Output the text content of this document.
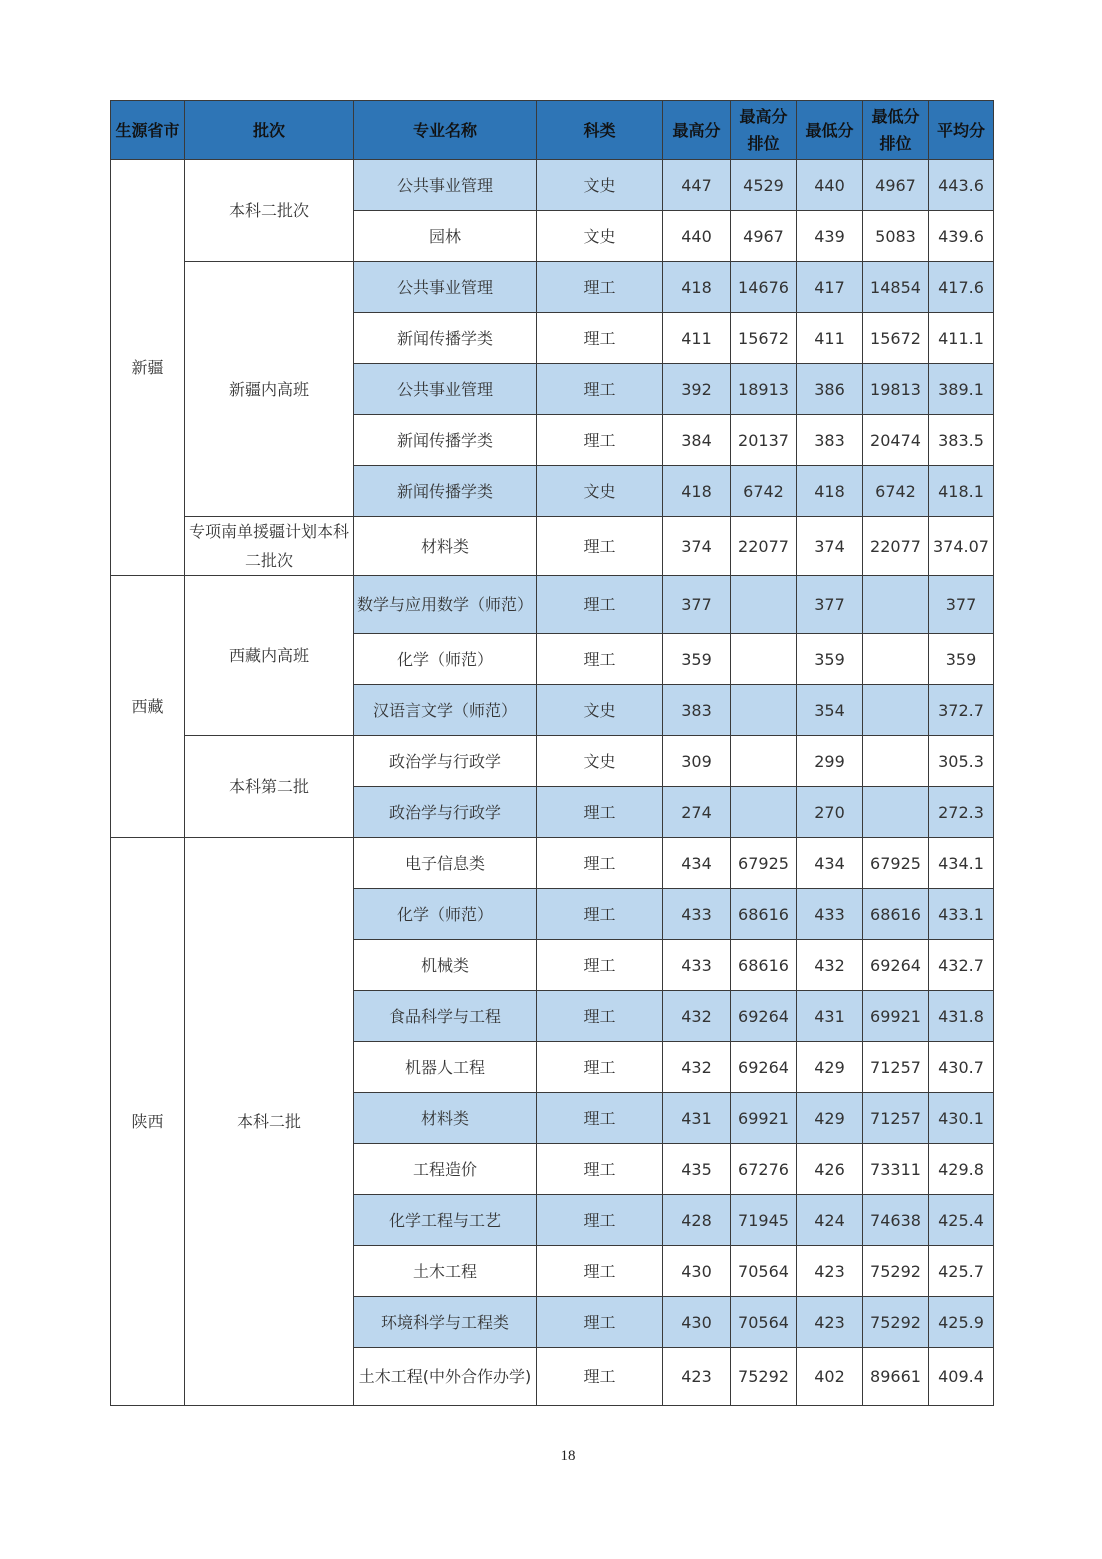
生源省市	批次	专业名称	科类	最高分	最高分排位	最低分	最低分排位	平均分
新疆	本科二批次	公共事业管理	文史	447	4529	440	4967	443.6
		园林	文史	440	4967	439	5083	439.6
	新疆内高班	公共事业管理	理工	418	14676	417	14854	417.6
		新闻传播学类	理工	411	15672	411	15672	411.1
		公共事业管理	理工	392	18913	386	19813	389.1
		新闻传播学类	理工	384	20137	383	20474	383.5
		新闻传播学类	文史	418	6742	418	6742	418.1
	专项南单援疆计划本科二批次	材料类	理工	374	22077	374	22077	374.07
西藏	西藏内高班	数学与应用数学（师范）	理工	377		377		377
		化学（师范）	理工	359		359		359
		汉语言文学（师范）	文史	383		354		372.7
	本科第二批	政治学与行政学	文史	309		299		305.3
		政治学与行政学	理工	274		270		272.3
陕西	本科二批	电子信息类	理工	434	67925	434	67925	434.1
		化学（师范）	理工	433	68616	433	68616	433.1
		机械类	理工	433	68616	432	69264	432.7
		食品科学与工程	理工	432	69264	431	69921	431.8
		机器人工程	理工	432	69264	429	71257	430.7
		材料类	理工	431	69921	429	71257	430.1
		工程造价	理工	435	67276	426	73311	429.8
		化学工程与工艺	理工	428	71945	424	74638	425.4
		土木工程	理工	430	70564	423	75292	425.7
		环境科学与工程类	理工	430	70564	423	75292	425.9
		土木工程(中外合作办学)	理工	423	75292	402	89661	409.4
18
